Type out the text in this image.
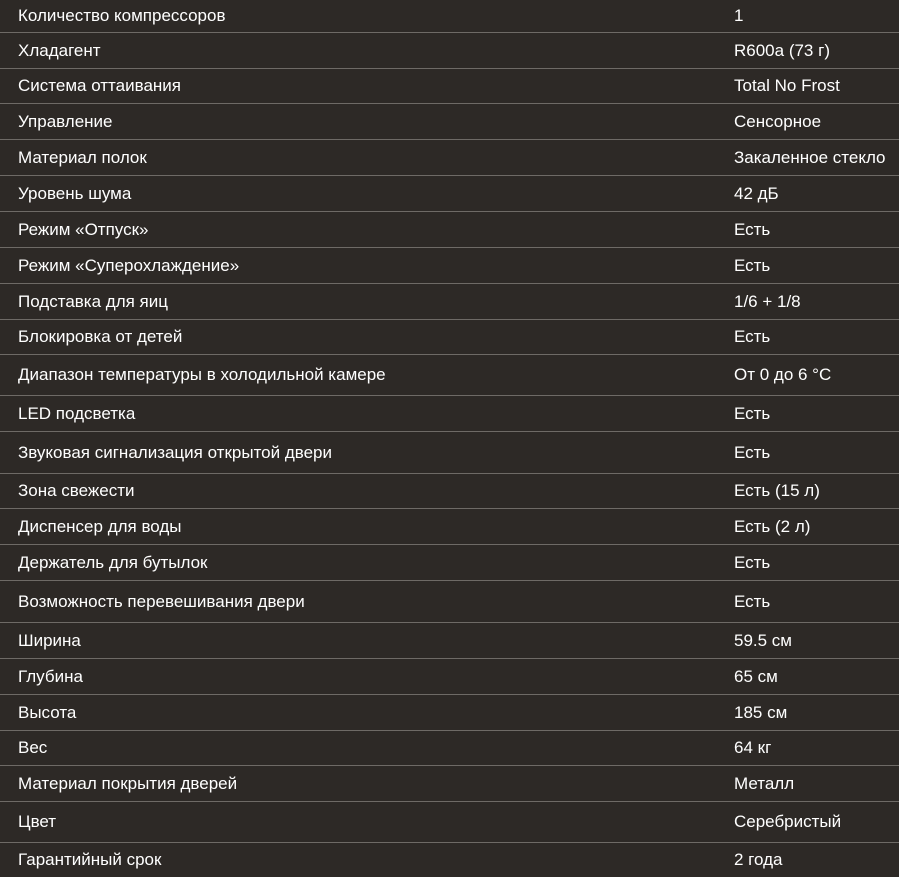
Количество компрессоров	1
Хладагент	R600a (73 г)
Система оттаивания	Total No Frost
Управление	Сенсорное
Материал полок	Закаленное стекло
Уровень шума	42 дБ
Режим «Отпуск»	Есть
Режим «Суперохлаждение»	Есть
Подставка для яиц	1/6 + 1/8
Блокировка от детей	Есть
Диапазон температуры в холодильной камере	От 0 до 6 °C
LED подсветка	Есть
Звуковая сигнализация открытой двери	Есть
Зона свежести	Есть (15 л)
Диспенсер для воды	Есть (2 л)
Держатель для бутылок	Есть
Возможность перевешивания двери	Есть
Ширина	59.5 см
Глубина	65 см
Высота	185 см
Вес	64 кг
Материал покрытия дверей	Металл
Цвет	Серебристый
Гарантийный срок	2 года
